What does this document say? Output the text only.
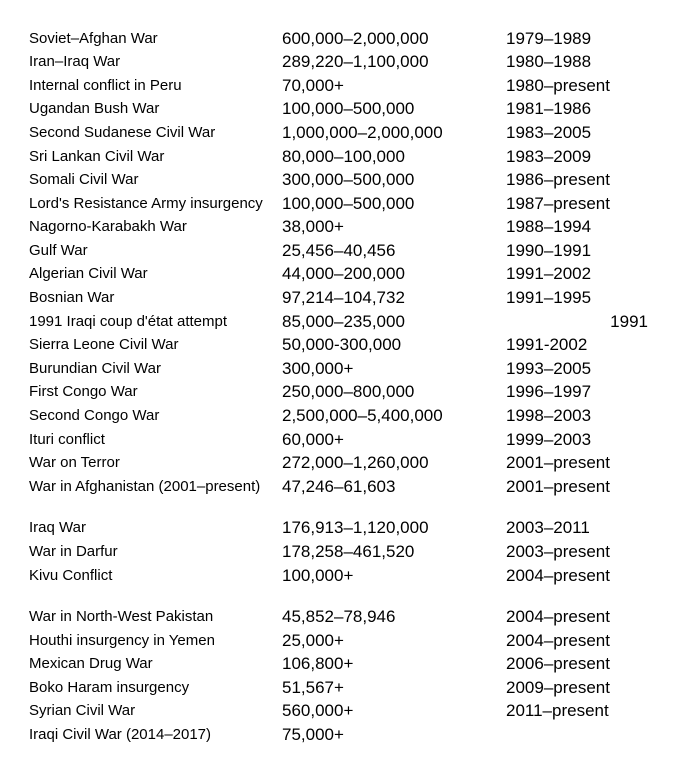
Soviet–Afghan War	600,000–2,000,000	1979–1989
Iran–Iraq War	289,220–1,100,000	1980–1988
Internal conflict in Peru	70,000+	1980–present
Ugandan Bush War	100,000–500,000	1981–1986
Second Sudanese Civil War	1,000,000–2,000,000	1983–2005
Sri Lankan Civil War	80,000–100,000	1983–2009
Somali Civil War	300,000–500,000	1986–present
Lord's Resistance Army insurgency	100,000–500,000	1987–present
Nagorno-Karabakh War	38,000+	1988–1994
Gulf War	25,456–40,456	1990–1991
Algerian Civil War	44,000–200,000	1991–2002
Bosnian War	97,214–104,732	1991–1995
1991 Iraqi coup d'état attempt	85,000–235,000	1991
Sierra Leone Civil War	50,000-300,000	1991-2002
Burundian Civil War	300,000+	1993–2005
First Congo War	250,000–800,000	1996–1997
Second Congo War	2,500,000–5,400,000	1998–2003
Ituri conflict	60,000+	1999–2003
War on Terror	272,000–1,260,000	2001–present
War in Afghanistan (2001–present)	47,246–61,603	2001–present
Iraq War	176,913–1,120,000	2003–2011
War in Darfur	178,258–461,520	2003–present
Kivu Conflict	100,000+	2004–present
War in North-West Pakistan	45,852–78,946	2004–present
Houthi insurgency in Yemen	25,000+	2004–present
Mexican Drug War	106,800+	2006–present
Boko Haram insurgency	51,567+	2009–present
Syrian Civil War	560,000+	2011–present
Iraqi Civil War (2014–2017)	75,000+
